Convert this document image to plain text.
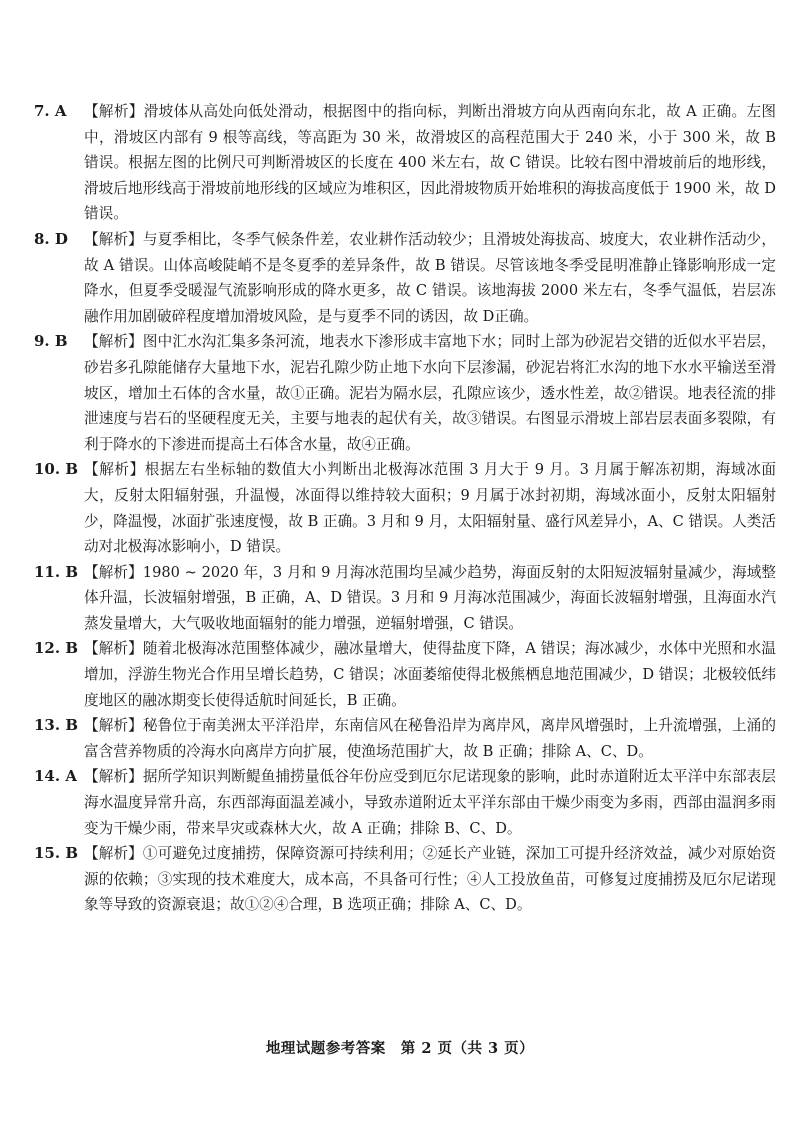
7. A	【解析】滑坡体从高处向低处滑动，根据图中的指向标，判断出滑坡方向从西南向东北，故 A 正确。左图中，滑坡区内部有 9 根等高线，等高距为 30 米，故滑坡区的高程范围大于 240 米，小于 300 米，故 B 错误。根据左图的比例尺可判断滑坡区的长度在 400 米左右，故 C 错误。比较右图中滑坡前后的地形线，滑坡后地形线高于滑坡前地形线的区域应为堆积区，因此滑坡物质开始堆积的海拔高度低于 1900 米，故 D 错误。

8. D	【解析】与夏季相比，冬季气候条件差，农业耕作活动较少；且滑坡处海拔高、坡度大，农业耕作活动少，故 A 错误。山体高峻陡峭不是冬夏季的差异条件，故 B 错误。尽管该地冬季受昆明准静止锋影响形成一定降水，但夏季受暖湿气流影响形成的降水更多，故 C 错误。该地海拔 2000 米左右，冬季气温低，岩层冻融作用加剧破碎程度增加滑坡风险，是与夏季不同的诱因，故 D正确。

9. B	【解析】图中汇水沟汇集多条河流，地表水下渗形成丰富地下水；同时上部为砂泥岩交错的近似水平岩层，砂岩多孔隙能储存大量地下水，泥岩孔隙少防止地下水向下层渗漏，砂泥岩将汇水沟的地下水水平输送至滑坡区，增加土石体的含水量，故①正确。泥岩为隔水层，孔隙应该少，透水性差，故②错误。地表径流的排泄速度与岩石的坚硬程度无关，主要与地表的起伏有关，故③错误。右图显示滑坡上部岩层表面多裂隙，有利于降水的下渗进而提高土石体含水量，故④正确。

10. B 【解析】根据左右坐标轴的数值大小判断出北极海冰范围 3 月大于 9 月。3 月属于解冻初期，海域冰面大，反射太阳辐射强，升温慢，冰面得以维持较大面积；9 月属于冰封初期，海域冰面小，反射太阳辐射少，降温慢，冰面扩张速度慢，故 B 正确。3 月和 9 月，太阳辐射量、盛行风差异小，A、C 错误。人类活动对北极海冰影响小，D 错误。

11. B 【解析】1980 ~ 2020 年，3 月和 9 月海冰范围均呈减少趋势，海面反射的太阳短波辐射量减少，海域整体升温，长波辐射增强，B 正确，A、D 错误。3 月和 9 月海冰范围减少，海面长波辐射增强，且海面水汽蒸发量增大，大气吸收地面辐射的能力增强，逆辐射增强，C 错误。

12. B 【解析】随着北极海冰范围整体减少，融冰量增大，使得盐度下降，A 错误；海冰减少，水体中光照和水温增加，浮游生物光合作用呈增长趋势，C 错误；冰面萎缩使得北极熊栖息地范围减少，D 错误；北极较低纬度地区的融冰期变长使得适航时间延长，B 正确。

13. B 【解析】秘鲁位于南美洲太平洋沿岸，东南信风在秘鲁沿岸为离岸风，离岸风增强时，上升流增强，上涌的富含营养物质的冷海水向离岸方向扩展，使渔场范围扩大，故 B 正确；排除 A、C、D。

14. A 【解析】据所学知识判断鳀鱼捕捞量低谷年份应受到厄尔尼诺现象的影响，此时赤道附近太平洋中东部表层海水温度异常升高，东西部海面温差减小，导致赤道附近太平洋东部由干燥少雨变为多雨，西部由温润多雨变为干燥少雨，带来旱灾或森林大火，故 A 正确；排除 B、C、D。

15. B 【解析】①可避免过度捕捞，保障资源可持续利用；②延长产业链，深加工可提升经济效益，减少对原始资源的依赖；③实现的技术难度大，成本高，不具备可行性；④人工投放鱼苗，可修复过度捕捞及厄尔尼诺现象等导致的资源衰退；故①②④合理，B 选项正确；排除 A、C、D。

地理试题参考答案　第 2 页（共 3 页）
